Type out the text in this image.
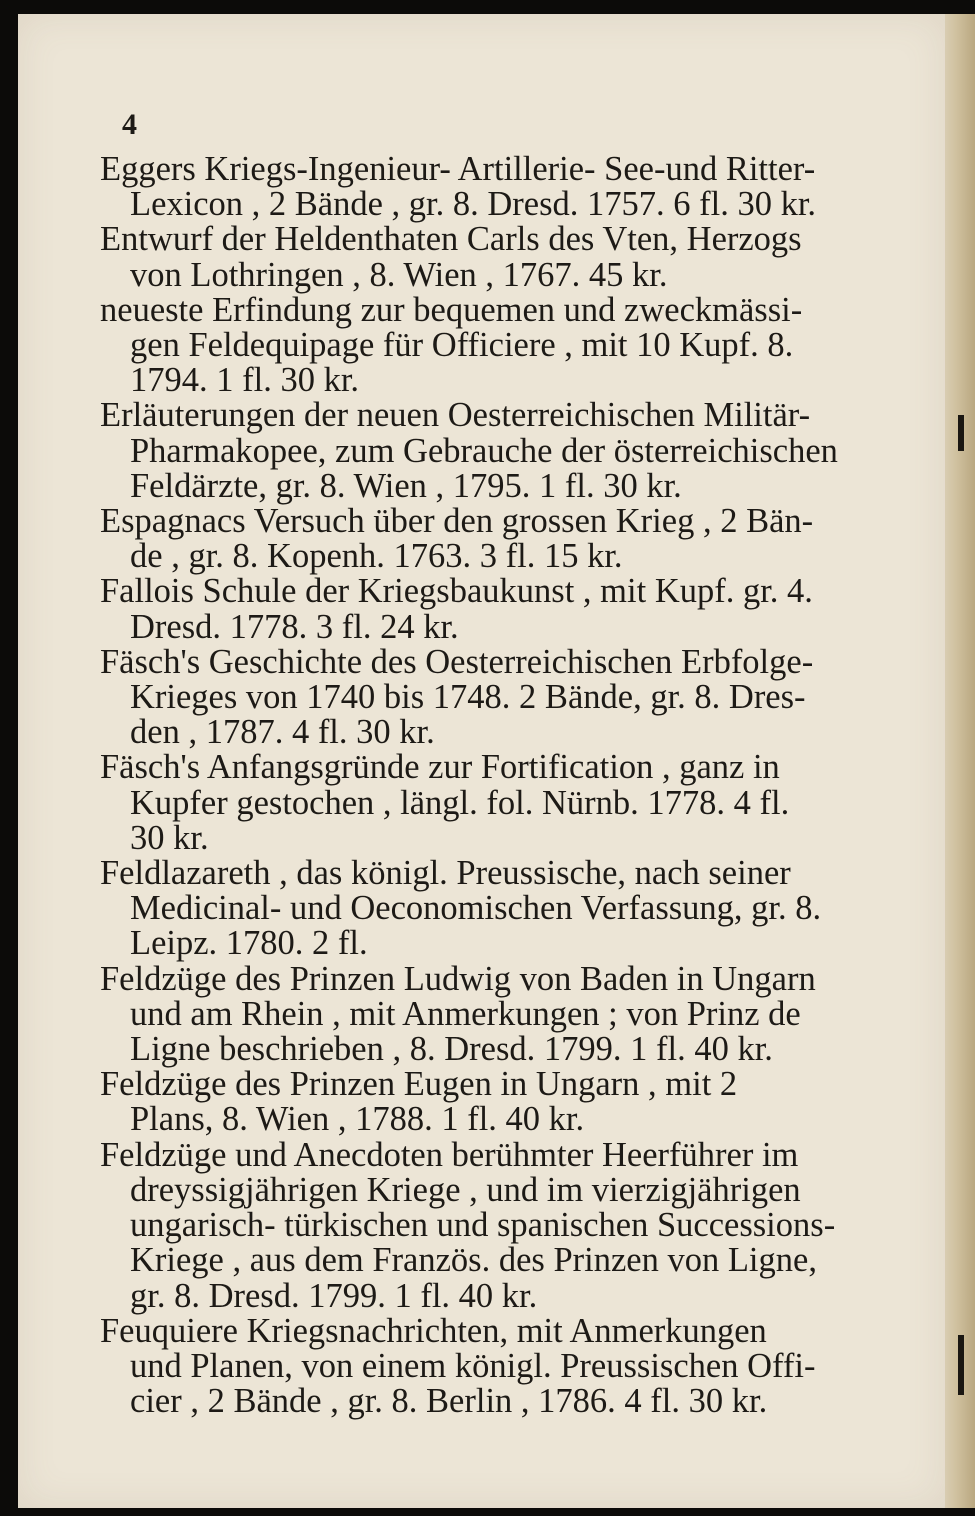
4
Eggers Kriegs-Ingenieur- Artillerie- See-und Ritter-
Lexicon , 2 Bände , gr. 8. Dresd. 1757. 6 fl. 30 kr.
Entwurf der Heldenthaten Carls des Vten, Herzogs
von Lothringen , 8. Wien , 1767. 45 kr.
neueste Erfindung zur bequemen und zweckmässi-
gen Feldequipage für Officiere , mit 10 Kupf. 8.
1794. 1 fl. 30 kr.
Erläuterungen der neuen Oesterreichischen Militär-
Pharmakopee, zum Gebrauche der österreichischen
Feldärzte, gr. 8. Wien , 1795. 1 fl. 30 kr.
Espagnacs Versuch über den grossen Krieg , 2 Bän-
de , gr. 8. Kopenh. 1763. 3 fl. 15 kr.
Fallois Schule der Kriegsbaukunst , mit Kupf. gr. 4.
Dresd. 1778. 3 fl. 24 kr.
Fäsch's Geschichte des Oesterreichischen Erbfolge-
Krieges von 1740 bis 1748. 2 Bände, gr. 8. Dres-
den , 1787. 4 fl. 30 kr.
Fäsch's Anfangsgründe zur Fortification , ganz in
Kupfer gestochen , längl. fol. Nürnb. 1778. 4 fl.
30 kr.
Feldlazareth , das königl. Preussische, nach seiner
Medicinal- und Oeconomischen Verfassung, gr. 8.
Leipz. 1780. 2 fl.
Feldzüge des Prinzen Ludwig von Baden in Ungarn
und am Rhein , mit Anmerkungen ; von Prinz de
Ligne beschrieben , 8. Dresd. 1799. 1 fl. 40 kr.
Feldzüge des Prinzen Eugen in Ungarn , mit 2
Plans, 8. Wien , 1788. 1 fl. 40 kr.
Feldzüge und Anecdoten berühmter Heerführer im
dreyssigjährigen Kriege , und im vierzigjährigen
ungarisch- türkischen und spanischen Successions-
Kriege , aus dem Französ. des Prinzen von Ligne,
gr. 8. Dresd. 1799. 1 fl. 40 kr.
Feuquiere Kriegsnachrichten, mit Anmerkungen
und Planen, von einem königl. Preussischen Offi-
cier , 2 Bände , gr. 8. Berlin , 1786. 4 fl. 30 kr.
